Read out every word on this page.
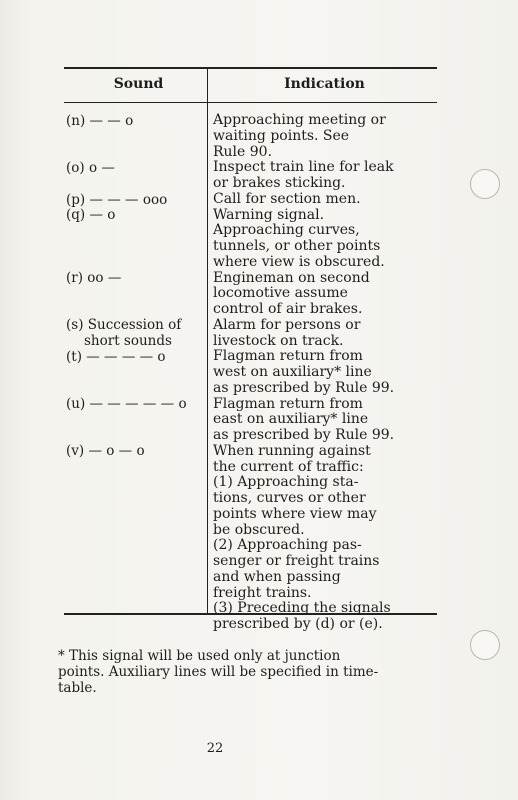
Sound	Indication
(n) — — o
(o) o —
(p) — — — ooo
(q) — o
(r) oo —
(s) Succession of
short sounds
(t) — — — — o
(u) — — — — — o
(v) — o — o
Approaching meeting or
waiting points. See
Rule 90.
Inspect train line for leak
or brakes sticking.
Call for section men.
Warning signal.
Approaching curves,
tunnels, or other points
where view is obscured.
Engineman on second
locomotive assume
control of air brakes.
Alarm for persons or
livestock on track.
Flagman return from
west on auxiliary* line
as prescribed by Rule 99.
Flagman return from
east on auxiliary* line
as prescribed by Rule 99.
When running against
the current of traffic:
(1) Approaching sta-
tions, curves or other
points where view may
be obscured.
(2) Approaching pas-
senger or freight trains
and when passing
freight trains.
(3) Preceding the signals
prescribed by (d) or (e).
* This signal will be used only at junction
points. Auxiliary lines will be specified in time-
table.
22
